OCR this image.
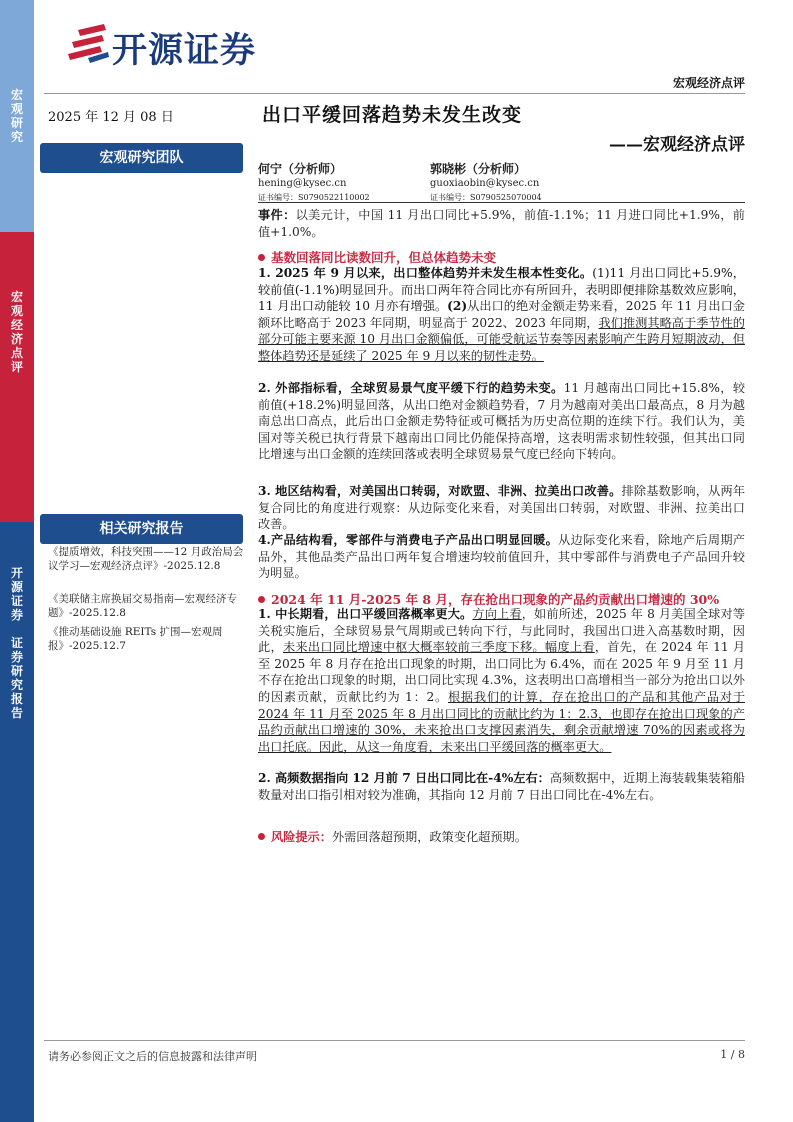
宏
观
研
究
宏
观
经
济
点
评
开
源
证
券

证
券
研
究
报
告
开源证券
宏观经济点评
2025 年 12 月 08 日	出口平缓回落趋势未发生改变
——宏观经济点评
宏观研究团队
相关研究报告
《提质增效，科技突围——12 月政治局会议学习—宏观经济点评》-2025.12.8
《美联储主席换届交易指南—宏观经济专题》-2025.12.8
《推动基础设施 REITs 扩围—宏观周报》-2025.12.7
何宁（分析师）
hening@kysec.cn
证书编号：S0790522110002
郭晓彬（分析师）
guoxiaobin@kysec.cn
证书编号：S0790525070004
事件：以美元计，中国 11 月出口同比+5.9%，前值-1.1%；11 月进口同比+1.9%，前值+1.0%。
基数回落同比读数回升，但总体趋势未变
1. 2025 年 9 月以来，出口整体趋势并未发生根本性变化。(1)11 月出口同比+5.9%，较前值(-1.1%)明显回升。而出口两年符合同比亦有所回升，表明即便排除基数效应影响，11 月出口动能较 10 月亦有增强。(2)从出口的绝对金额走势来看，2025 年 11 月出口金额环比略高于 2023 年同期，明显高于 2022、2023 年同期，我们推测其略高于季节性的部分可能主要来源 10 月出口金额偏低，可能受航运节奏等因素影响产生跨月短期波动，但整体趋势还是延续了 2025 年 9 月以来的韧性走势。
2. 外部指标看，全球贸易景气度平缓下行的趋势未变。11 月越南出口同比+15.8%，较前值(+18.2%)明显回落，从出口绝对金额趋势看，7 月为越南对美出口最高点，8 月为越南总出口高点，此后出口金额走势特征或可概括为历史高位期的连续下行。我们认为，美国对等关税已执行背景下越南出口同比仍能保持高增，这表明需求韧性较强，但其出口同比增速与出口金额的连续回落或表明全球贸易景气度已经向下转向。
3. 地区结构看，对美国出口转弱，对欧盟、非洲、拉美出口改善。排除基数影响，从两年复合同比的角度进行观察：从边际变化来看，对美国出口转弱，对欧盟、非洲、拉美出口改善。
4.产品结构看，零部件与消费电子产品出口明显回暖。从边际变化来看，除地产后周期产品外，其他品类产品出口两年复合增速均较前值回升，其中零部件与消费电子产品回升较为明显。
2024 年 11 月-2025 年 8 月，存在抢出口现象的产品约贡献出口增速的 30%
1. 中长期看，出口平缓回落概率更大。方向上看，如前所述，2025 年 8 月美国全球对等关税实施后，全球贸易景气周期或已转向下行，与此同时，我国出口进入高基数时期，因此，未来出口同比增速中枢大概率较前三季度下移。幅度上看，首先，在 2024 年 11 月至 2025 年 8 月存在抢出口现象的时期，出口同比为 6.4%，而在 2025 年 9 月至 11 月不存在抢出口现象的时期，出口同比实现 4.3%，这表明出口高增相当一部分为抢出口以外的因素贡献，贡献比约为 1：2。根据我们的计算，存在抢出口的产品和其他产品对于 2024 年 11 月至 2025 年 8 月出口同比的贡献比约为 1：2.3，也即存在抢出口现象的产品约贡献出口增速的 30%，未来抢出口支撑因素消失，剩余贡献增速 70%的因素或将为出口托底。因此，从这一角度看，未来出口平缓回落的概率更大。
2. 高频数据指向 12 月前 7 日出口同比在-4%左右：高频数据中，近期上海装载集装箱船数量对出口指引相对较为准确，其指向 12 月前 7 日出口同比在-4%左右。
风险提示：外需回落超预期，政策变化超预期。
请务必参阅正文之后的信息披露和法律声明	1 / 8
